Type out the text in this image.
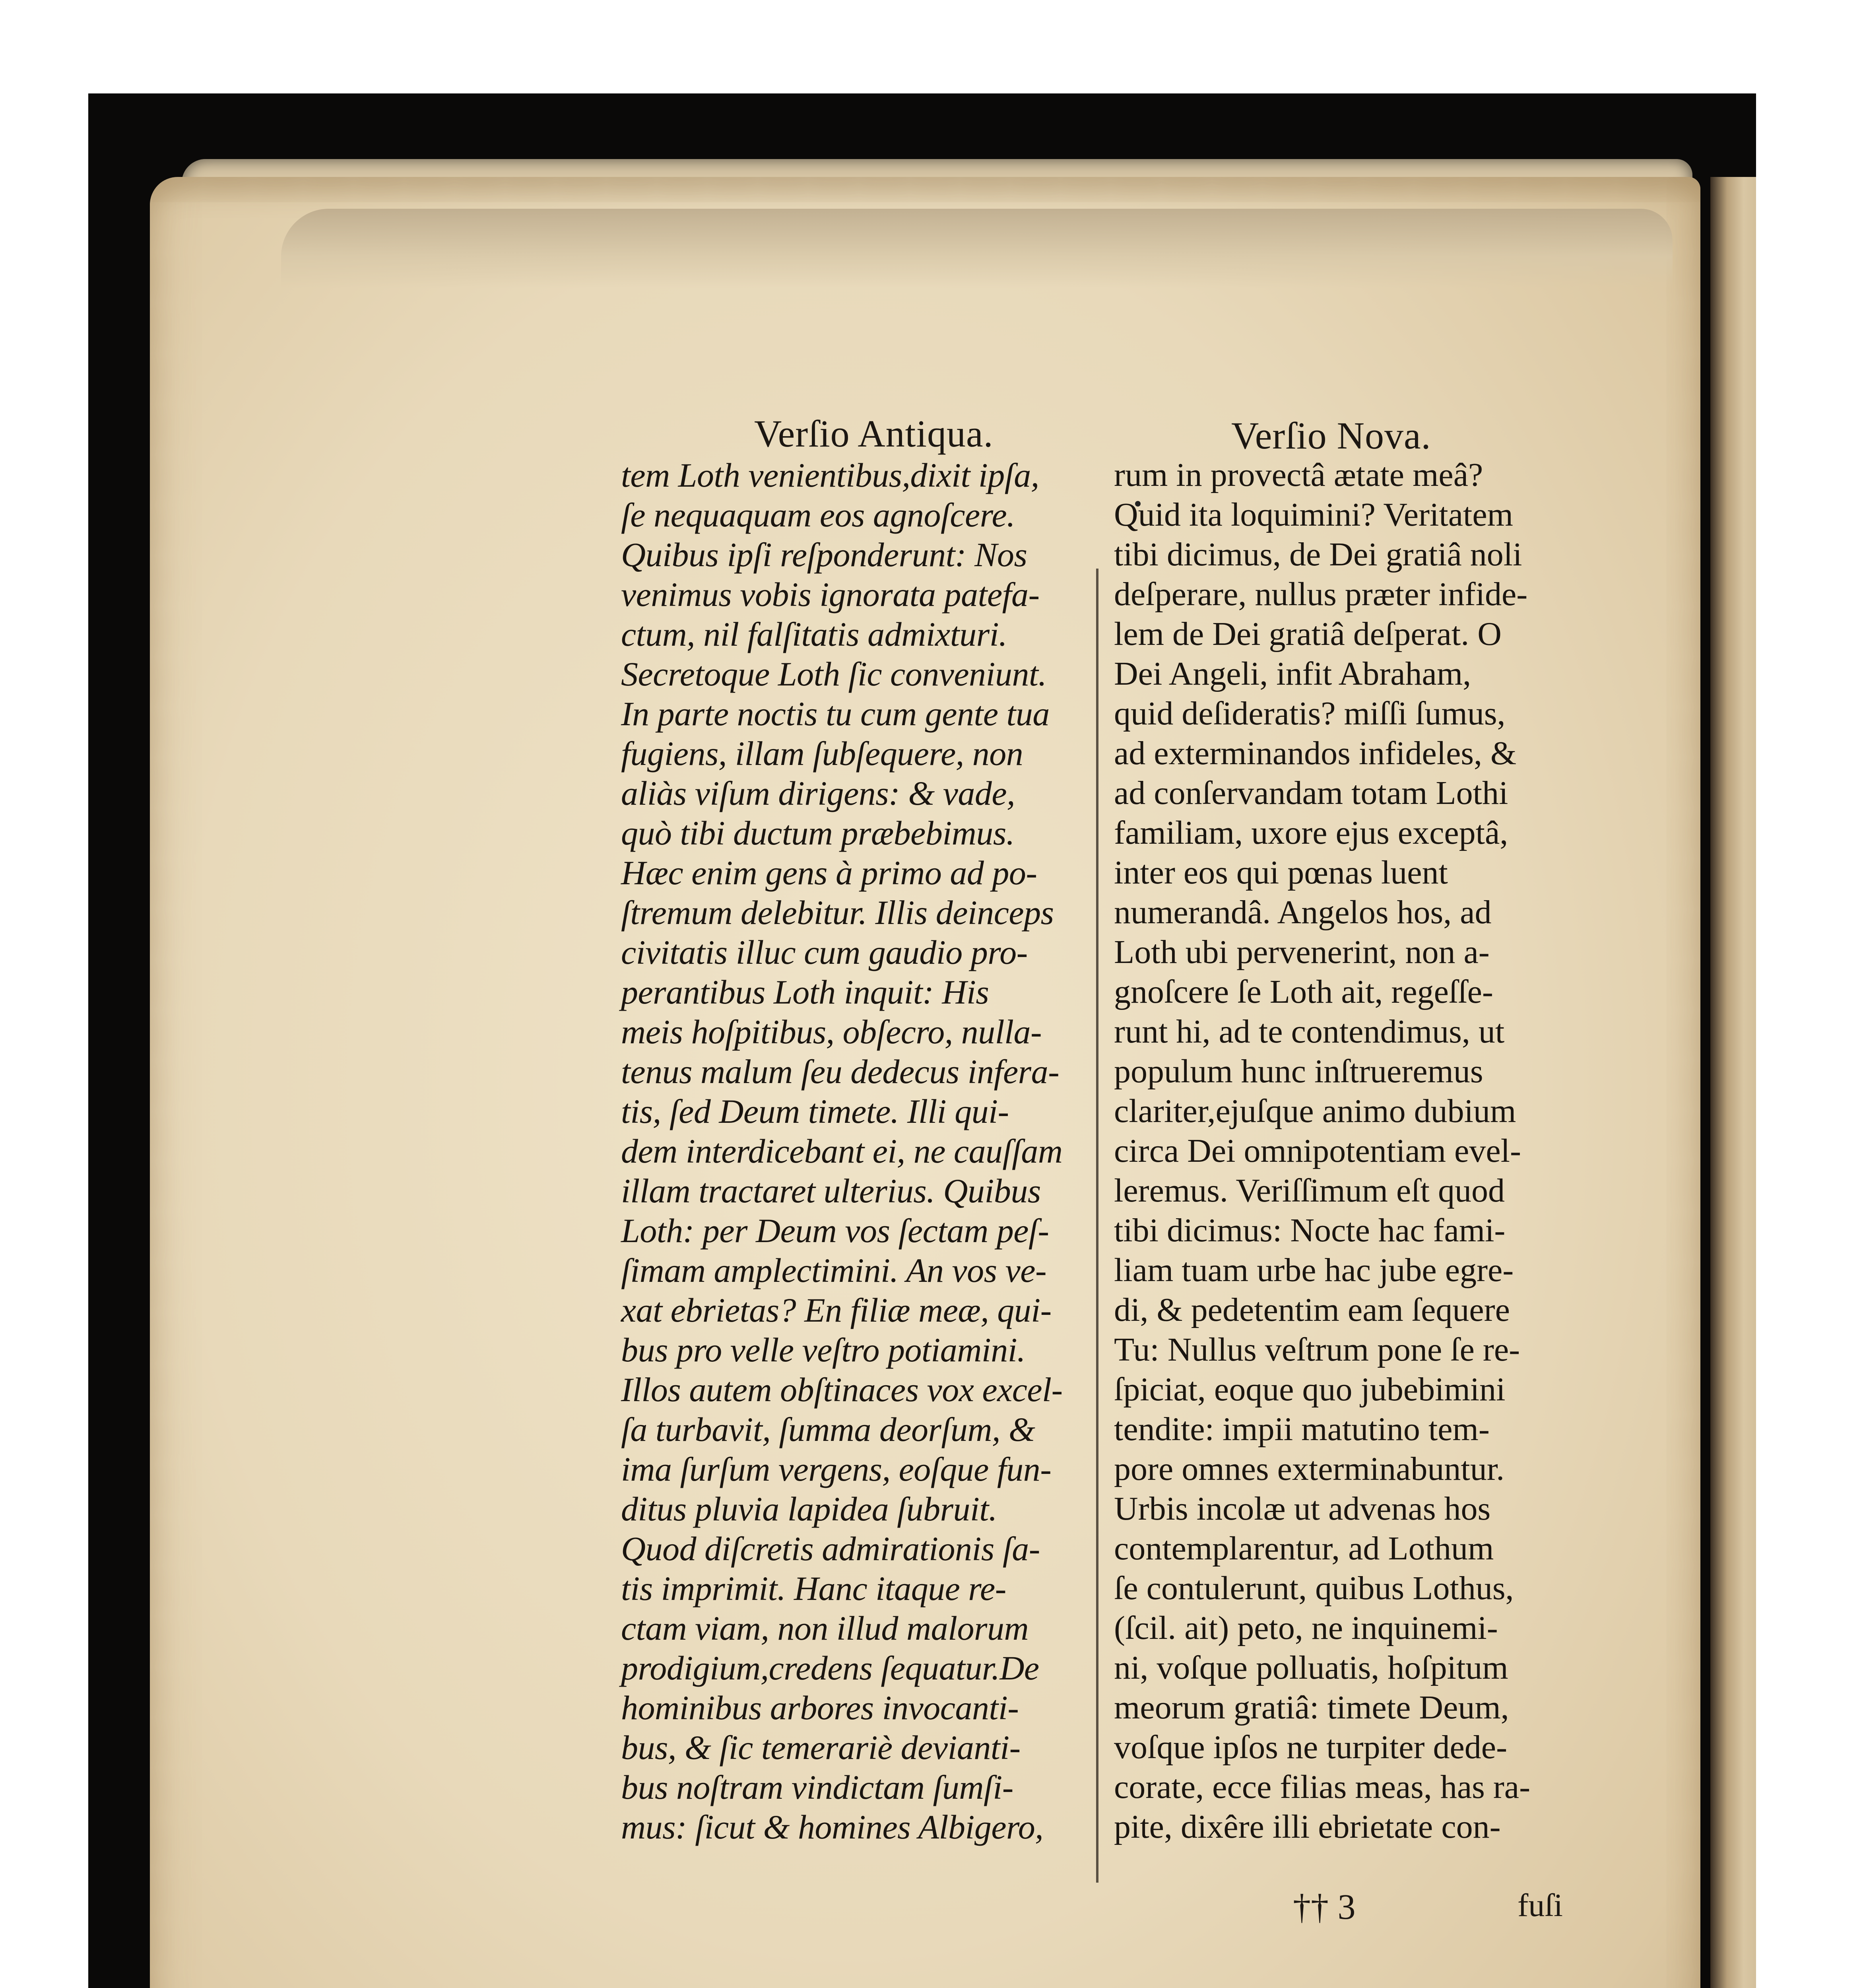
Verſio Antiqua.	Verſio Nova.
tem Loth venientibus,dixit ipſa,
ſe nequaquam eos agnoſcere.
Quibus ipſi reſponderunt: Nos
venimus vobis ignorata patefa-
ctum, nil falſitatis admixturi.
Secretoque Loth ſic conveniunt.
In parte noctis tu cum gente tua
fugiens, illam ſubſequere, non
aliàs viſum dirigens: & vade,
quò tibi ductum præbebimus.
Hæc enim gens à primo ad po-
ſtremum delebitur. Illis deinceps
civitatis illuc cum gaudio pro-
perantibus Loth inquit: His
meis hoſpitibus, obſecro, nulla-
tenus malum ſeu dedecus infera-
tis, ſed Deum timete. Illi qui-
dem interdicebant ei, ne cauſſam
illam tractaret ulterius. Quibus
Loth: per Deum vos ſectam peſ-
ſimam amplectimini. An vos ve-
xat ebrietas? En filiæ meæ, qui-
bus pro velle veſtro potiamini.
Illos autem obſtinaces vox excel-
ſa turbavit, ſumma deorſum, &
ima ſurſum vergens, eoſque fun-
ditus pluvia lapidea ſubruit.
Quod diſcretis admirationis ſa-
tis imprimit. Hanc itaque re-
ctam viam, non illud malorum
prodigium,credens ſequatur.De
hominibus arbores invocanti-
bus, & ſic temerariè devianti-
bus noſtram vindictam ſumſi-
mus: ſicut & homines Albigero,
rum in provectâ ætate meâ?
Quid ita loquimini? Veritatem
tibi dicimus, de Dei gratiâ noli
deſperare, nullus præter infide-
lem de Dei gratiâ deſperat. O
Dei Angeli, infit Abraham,
quid deſideratis? miſſi ſumus,
ad exterminandos infideles, &
ad conſervandam totam Lothi
familiam, uxore ejus exceptâ,
inter eos qui pœnas luent
numerandâ. Angelos hos, ad
Loth ubi pervenerint, non a-
gnoſcere ſe Loth ait, regeſſe-
runt hi, ad te contendimus, ut
populum hunc inſtrueremus
clariter,ejuſque animo dubium
circa Dei omnipotentiam evel-
leremus. Veriſſimum eſt quod
tibi dicimus: Nocte hac fami-
liam tuam urbe hac jube egre-
di, & pedetentim eam ſequere
Tu: Nullus veſtrum pone ſe re-
ſpiciat, eoque quo jubebimini
tendite: impii matutino tem-
pore omnes exterminabuntur.
Urbis incolæ ut advenas hos
contemplarentur, ad Lothum
ſe contulerunt, quibus Lothus,
(ſcil. ait) peto, ne inquinemi-
ni, voſque polluatis, hoſpitum
meorum gratiâ: timete Deum,
voſque ipſos ne turpiter dede-
corate, ecce filias meas, has ra-
pite, dixêre illi ebrietate con-
†† 3	fuſi
